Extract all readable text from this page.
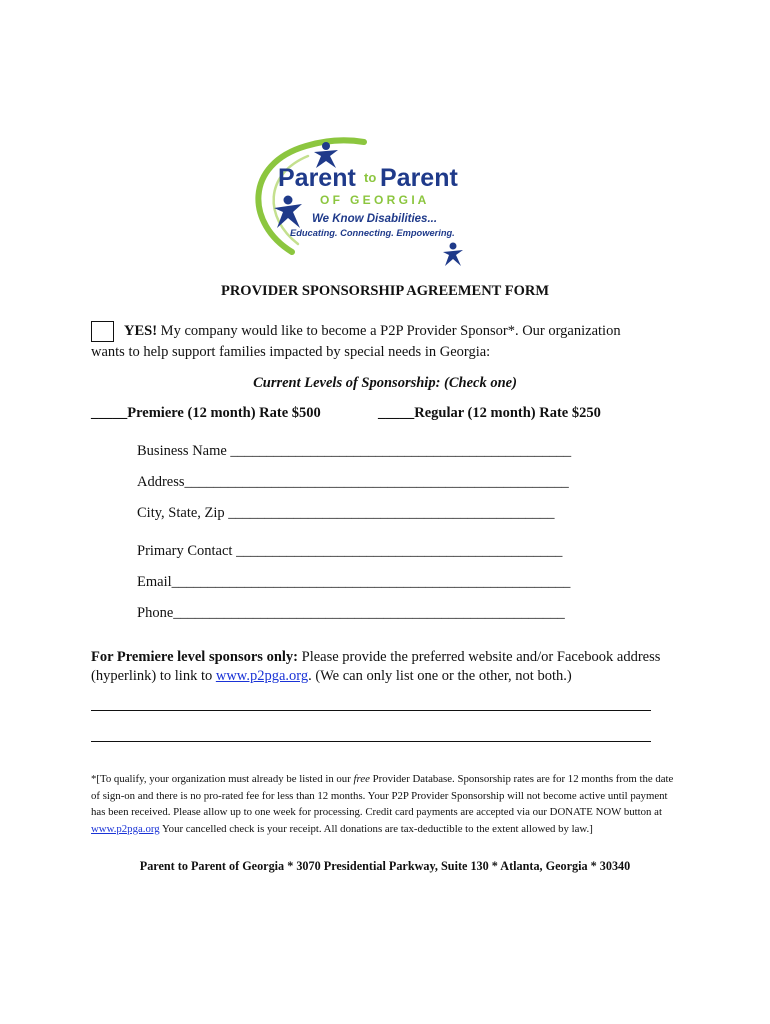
Parent to Parent
O F   G E O R G I A
We Know Disabilities...
Educating. Connecting. Empowering.
PROVIDER SPONSORSHIP AGREEMENT FORM
YES! My company would like to become a P2P Provider Sponsor*. Our organization
wants to help support families impacted by special needs in Georgia:
Current Levels of Sponsorship: (Check one)
_____Premiere (12 month) Rate $500	_____Regular (12 month) Rate $250
Business Name _______________________________________________
Address_____________________________________________________
City, State, Zip _____________________________________________
Primary Contact _____________________________________________
Email_______________________________________________________
Phone______________________________________________________
For Premiere level sponsors only: Please provide the preferred website and/or Facebook address (hyperlink) to link to www.p2pga.org. (We can only list one or the other, not both.)
*[To qualify, your organization must already be listed in our free Provider Database. Sponsorship rates are for 12 months from the date of sign-on and there is no pro-rated fee for less than 12 months. Your P2P Provider Sponsorship will not become active until payment has been received. Please allow up to one week for processing. Credit card payments are accepted via our DONATE NOW button at www.p2pga.org Your cancelled check is your receipt. All donations are tax-deductible to the extent allowed by law.]
Parent to Parent of Georgia * 3070 Presidential Parkway, Suite 130 * Atlanta, Georgia * 30340
